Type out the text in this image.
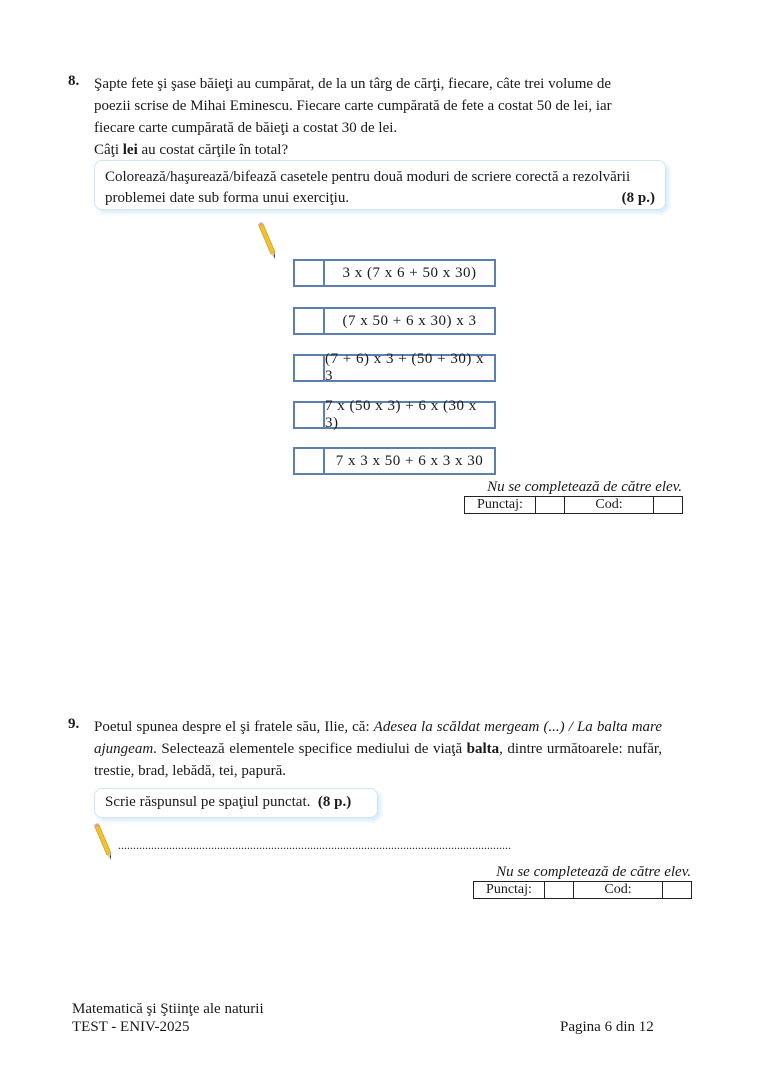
8. Şapte fete şi şase băieţi au cumpărat, de la un târg de cărţi, fiecare, câte trei volume de

poezii scrise de Mihai Eminescu. Fiecare carte cumpărată de fete a costat 50 de lei, iar

fiecare carte cumpărată de băieţi a costat 30 de lei.

Câţi lei au costat cărţile în total?

Colorează/haşurează/bifează casetele pentru două moduri de scriere corectă a rezolvării
problemei date sub forma unui exerciţiu.	(8 p.)
3 x (7 x 6 + 50 x 30)
(7 x 50 + 6 x 30) x 3
(7 + 6) x 3 + (50 + 30) x 3
7 x (50 x 3) + 6 x (30 x 3)
7 x 3 x 50 + 6 x 3 x 30
Nu se completează de către elev.
Punctaj:		Cod:	
9. Poetul spunea despre el şi fratele său, Ilie, că: Adesea la scăldat mergeam (...) / La balta mare ajungeam. Selectează elementele specifice mediului de viaţă balta, dintre următoarele: nufăr, trestie, brad, lebădă, tei, papură.
Scrie răspunsul pe spaţiul punctat. (8 p.)
...................................................................................................................................
Nu se completează de către elev.
Punctaj:		Cod:	
Matematică şi Ştiinţe ale naturii
TEST - ENIV-2025	Pagina 6 din 12
